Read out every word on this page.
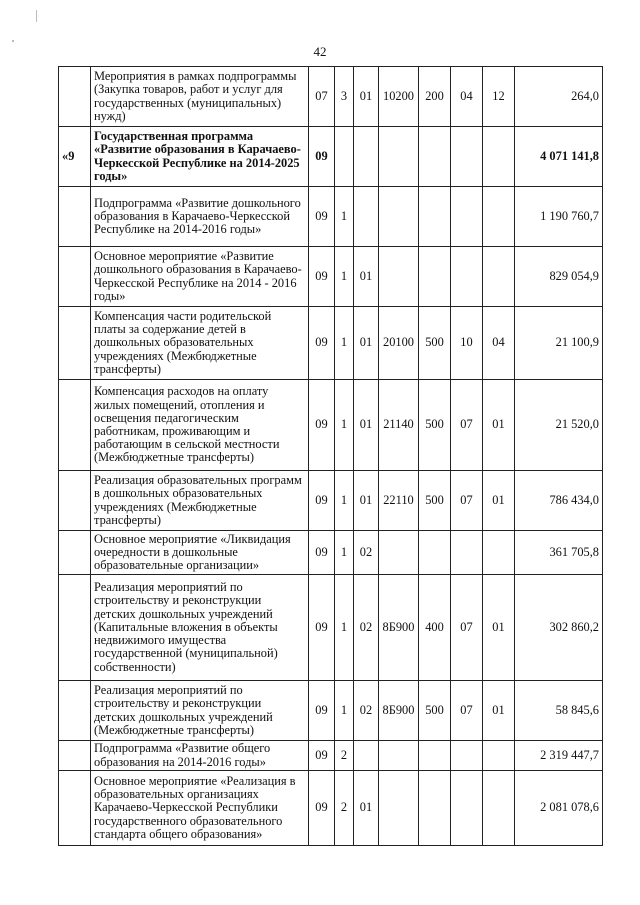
42
	Мероприятия в рамках подпрограммы (Закупка товаров, работ и услуг для государственных (муниципальных) нужд)	07	3	01	10200	200	04	12	264,0
«9	Государственная программа «Развитие образования в Карачаево-Черкесской Республике на 2014-2025 годы»	09							4 071 141,8
	Подпрограмма «Развитие дошкольного образования в Карачаево-Черкесской Республике на 2014-2016 годы»	09	1						1 190 760,7
	Основное мероприятие «Развитие дошкольного образования в Карачаево-Черкесской Республике на 2014 - 2016 годы»	09	1	01					829 054,9
	Компенсация части родительской платы за содержание детей в дошкольных образовательных учреждениях (Межбюджетные трансферты)	09	1	01	20100	500	10	04	21 100,9
	Компенсация расходов на оплату жилых помещений, отопления и освещения педагогическим работникам, проживающим и работающим в сельской местности (Межбюджетные трансферты)	09	1	01	21140	500	07	01	21 520,0
	Реализация образовательных программ в дошкольных образовательных учреждениях (Межбюджетные трансферты)	09	1	01	22110	500	07	01	786 434,0
	Основное мероприятие «Ликвидация очередности в дошкольные образовательные организации»	09	1	02					361 705,8
	Реализация мероприятий по строительству и реконструкции детских дошкольных учреждений (Капитальные вложения в объекты недвижимого имущества государственной (муниципальной) собственности)	09	1	02	8Б900	400	07	01	302 860,2
	Реализация мероприятий по строительству и реконструкции детских дошкольных учреждений (Межбюджетные трансферты)	09	1	02	8Б900	500	07	01	58 845,6
	Подпрограмма «Развитие общего образования на 2014-2016 годы»	09	2						2 319 447,7
	Основное мероприятие «Реализация в образовательных организациях Карачаево-Черкесской Республики государственного образовательного стандарта общего образования»	09	2	01					2 081 078,6
